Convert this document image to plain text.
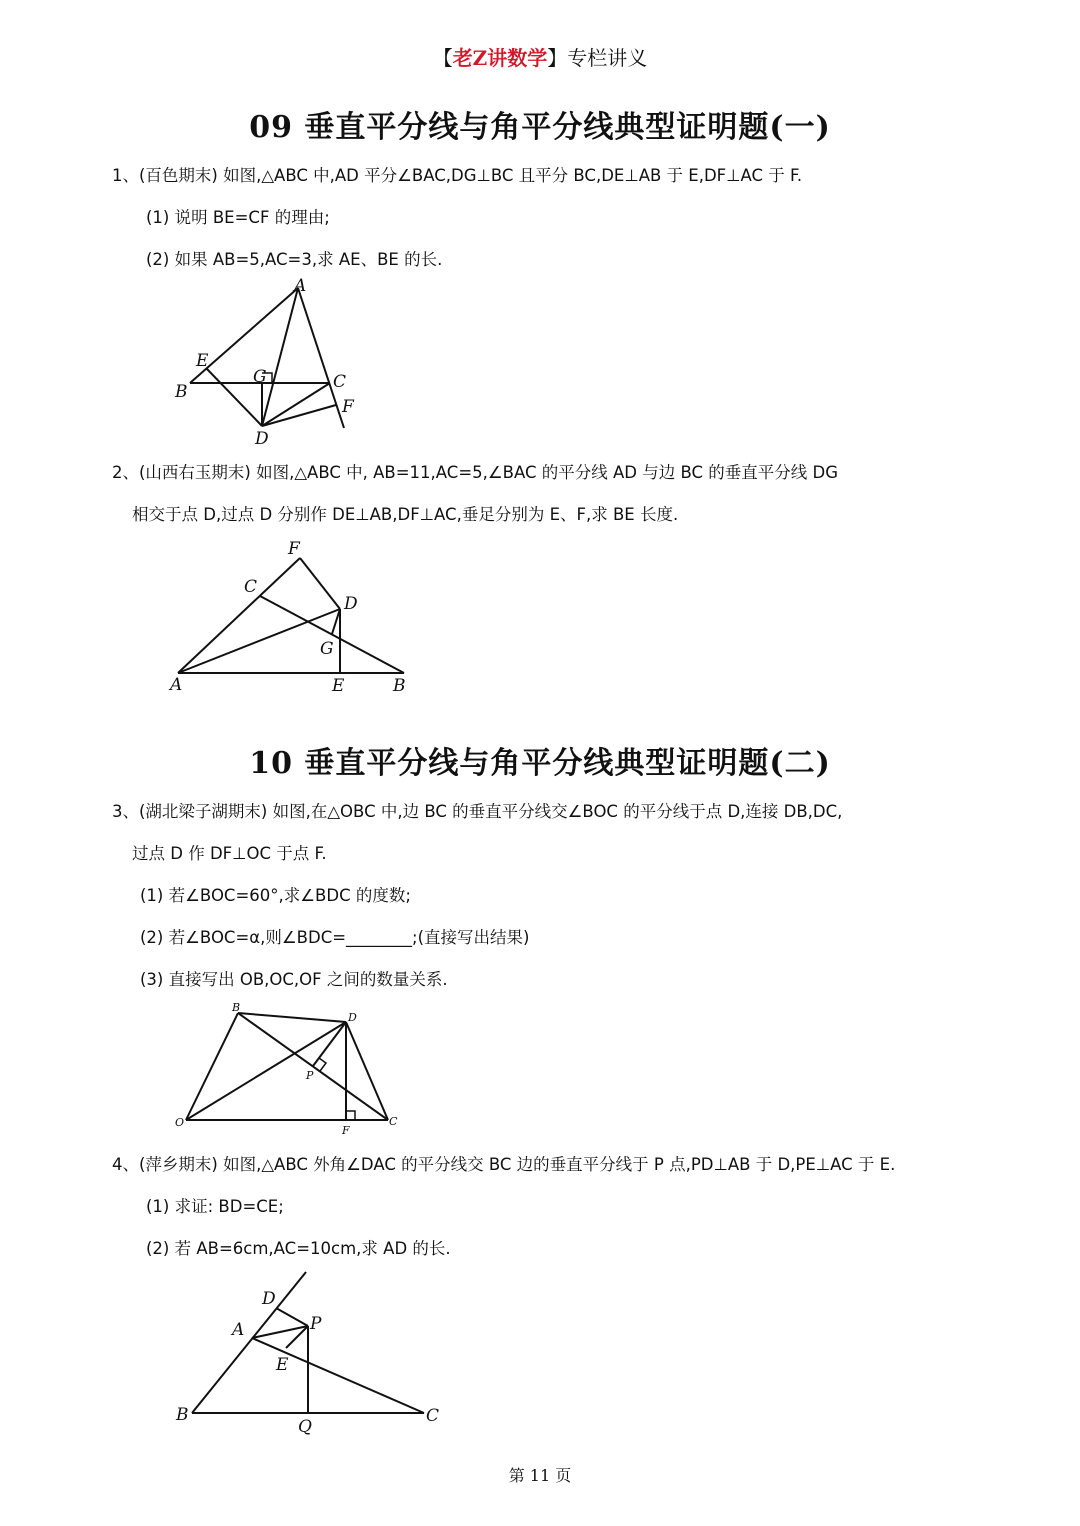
【老Z讲数学】专栏讲义
09 垂直平分线与角平分线典型证明题(一)
1、(百色期末) 如图,△ABC 中,AD 平分∠BAC,DG⊥BC 且平分 BC,DE⊥AB 于 E,DF⊥AC 于 F.
(1) 说明 BE=CF 的理由;
(2) 如果 AB=5,AC=3,求 AE、BE 的长.
A
B	C
D
E
F
G
2、(山西右玉期末) 如图,△ABC 中, AB=11,AC=5,∠BAC 的平分线 AD 与边 BC 的垂直平分线 DG
相交于点 D,过点 D 分别作 DE⊥AB,DF⊥AC,垂足分别为 E、F,求 BE 长度.
A	B
C
D
E
F
G
10 垂直平分线与角平分线典型证明题(二)
3、(湖北梁子湖期末) 如图,在△OBC 中,边 BC 的垂直平分线交∠BOC 的平分线于点 D,连接 DB,DC,
过点 D 作 DF⊥OC 于点 F.
(1) 若∠BOC=60°,求∠BDC 的度数;
(2) 若∠BOC=α,则∠BDC=________;(直接写出结果)
(3) 直接写出 OB,OC,OF 之间的数量关系.
B
D
P
O
F
C
4、(萍乡期末) 如图,△ABC 外角∠DAC 的平分线交 BC 边的垂直平分线于 P 点,PD⊥AB 于 D,PE⊥AC 于 E.
(1) 求证: BD=CE;
(2) 若 AB=6cm,AC=10cm,求 AD 的长.
D
A	P
E
B
Q
C
第 11 页
